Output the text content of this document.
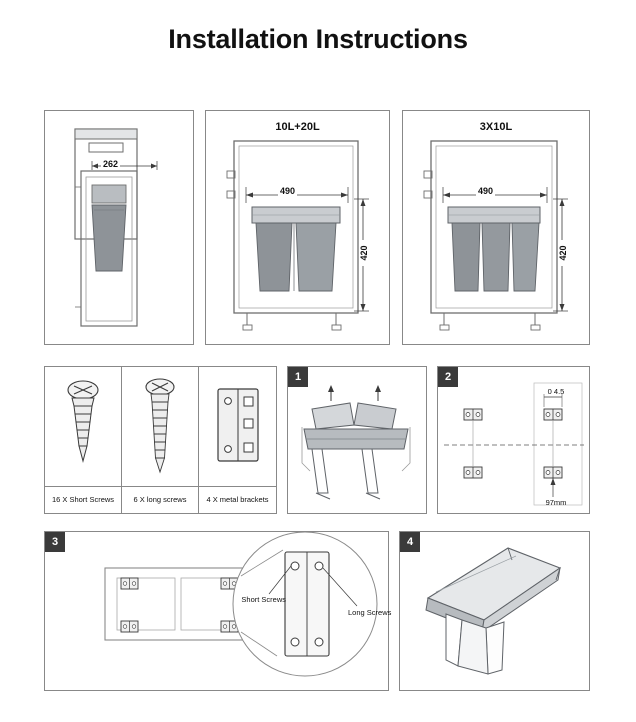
Installation Instructions
262
10L+20L
490
420
3X10L
490
420
16 X Short Screws	6 X long screws	4 X metal brackets
1	2
0 4.5
97mm
3
Short Screws
Long Screws
4
